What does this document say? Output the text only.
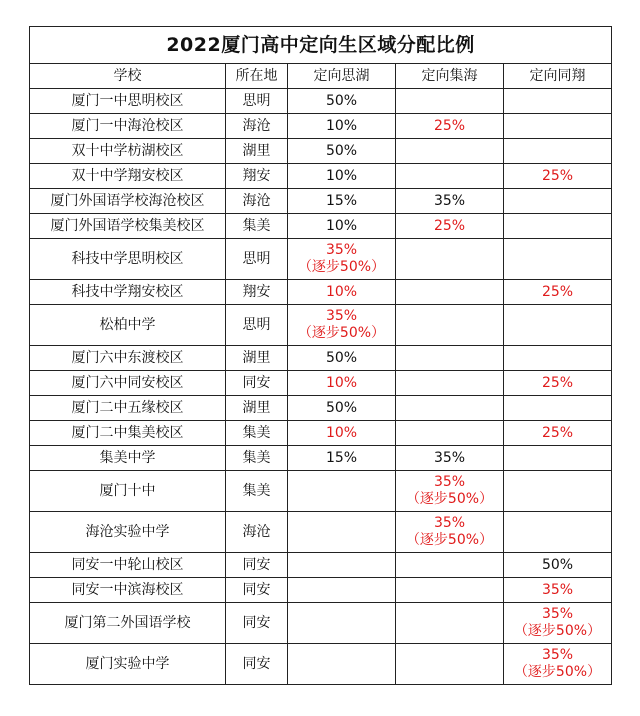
2022厦门高中定向生区域分配比例				
学校	所在地	定向思湖	定向集海	定向同翔
厦门一中思明校区	思明	50%		

厦门一中海沧校区	海沧	10%	25%	

双十中学枋湖校区	湖里	50%		

双十中学翔安校区	翔安	10%		25%

厦门外国语学校海沧校区	海沧	15%	35%	

厦门外国语学校集美校区	集美	10%	25%	

科技中学思明校区	思明	35%
（逐步50%）		

科技中学翔安校区	翔安	10%		25%

松柏中学	思明	35%
（逐步50%）		

厦门六中东渡校区	湖里	50%		

厦门六中同安校区	同安	10%		25%

厦门二中五缘校区	湖里	50%		

厦门二中集美校区	集美	10%		25%

集美中学	集美	15%	35%	

厦门十中	集美		35%
（逐步50%）	

海沧实验中学	海沧		35%
（逐步50%）	

同安一中轮山校区	同安			50%

同安一中滨海校区	同安			35%

厦门第二外国语学校	同安			35%
（逐步50%）

厦门实验中学	同安			35%
（逐步50%）
